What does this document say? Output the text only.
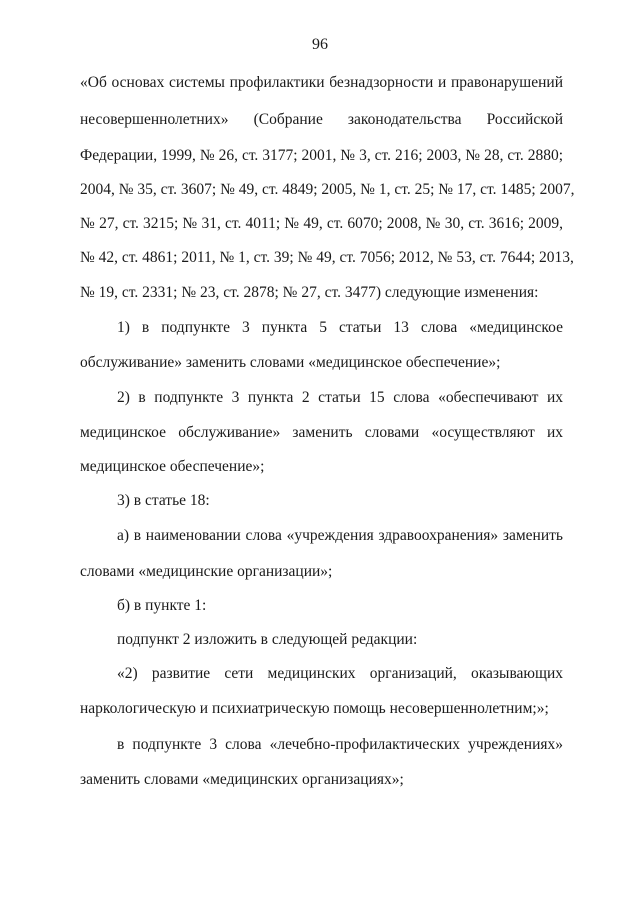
96
«Об основах системы профилактики безнадзорности и правонарушений
несовершеннолетних» (Собрание законодательства Российской
Федерации, 1999, № 26, ст. 3177; 2001, № 3, ст. 216; 2003, № 28, ст. 2880;
2004, № 35, ст. 3607; № 49, ст. 4849; 2005, № 1, ст. 25; № 17, ст. 1485; 2007,
№ 27, ст. 3215; № 31, ст. 4011; № 49, ст. 6070; 2008, № 30, ст. 3616; 2009,
№ 42, ст. 4861; 2011, № 1, ст. 39; № 49, ст. 7056; 2012, № 53, ст. 7644; 2013,
№ 19, ст. 2331; № 23, ст. 2878; № 27, ст. 3477) следующие изменения:
1) в подпункте 3 пункта 5 статьи 13 слова «медицинское
обслуживание» заменить словами «медицинское обеспечение»;
2) в подпункте 3 пункта 2 статьи 15 слова «обеспечивают их
медицинское обслуживание» заменить словами «осуществляют их
медицинское обеспечение»;
3) в статье 18:
а) в наименовании слова «учреждения здравоохранения» заменить
словами «медицинские организации»;
б) в пункте 1:
подпункт 2 изложить в следующей редакции:
«2) развитие сети медицинских организаций, оказывающих
наркологическую и психиатрическую помощь несовершеннолетним;»;
в подпункте 3 слова «лечебно-профилактических учреждениях»
заменить словами «медицинских организациях»;
